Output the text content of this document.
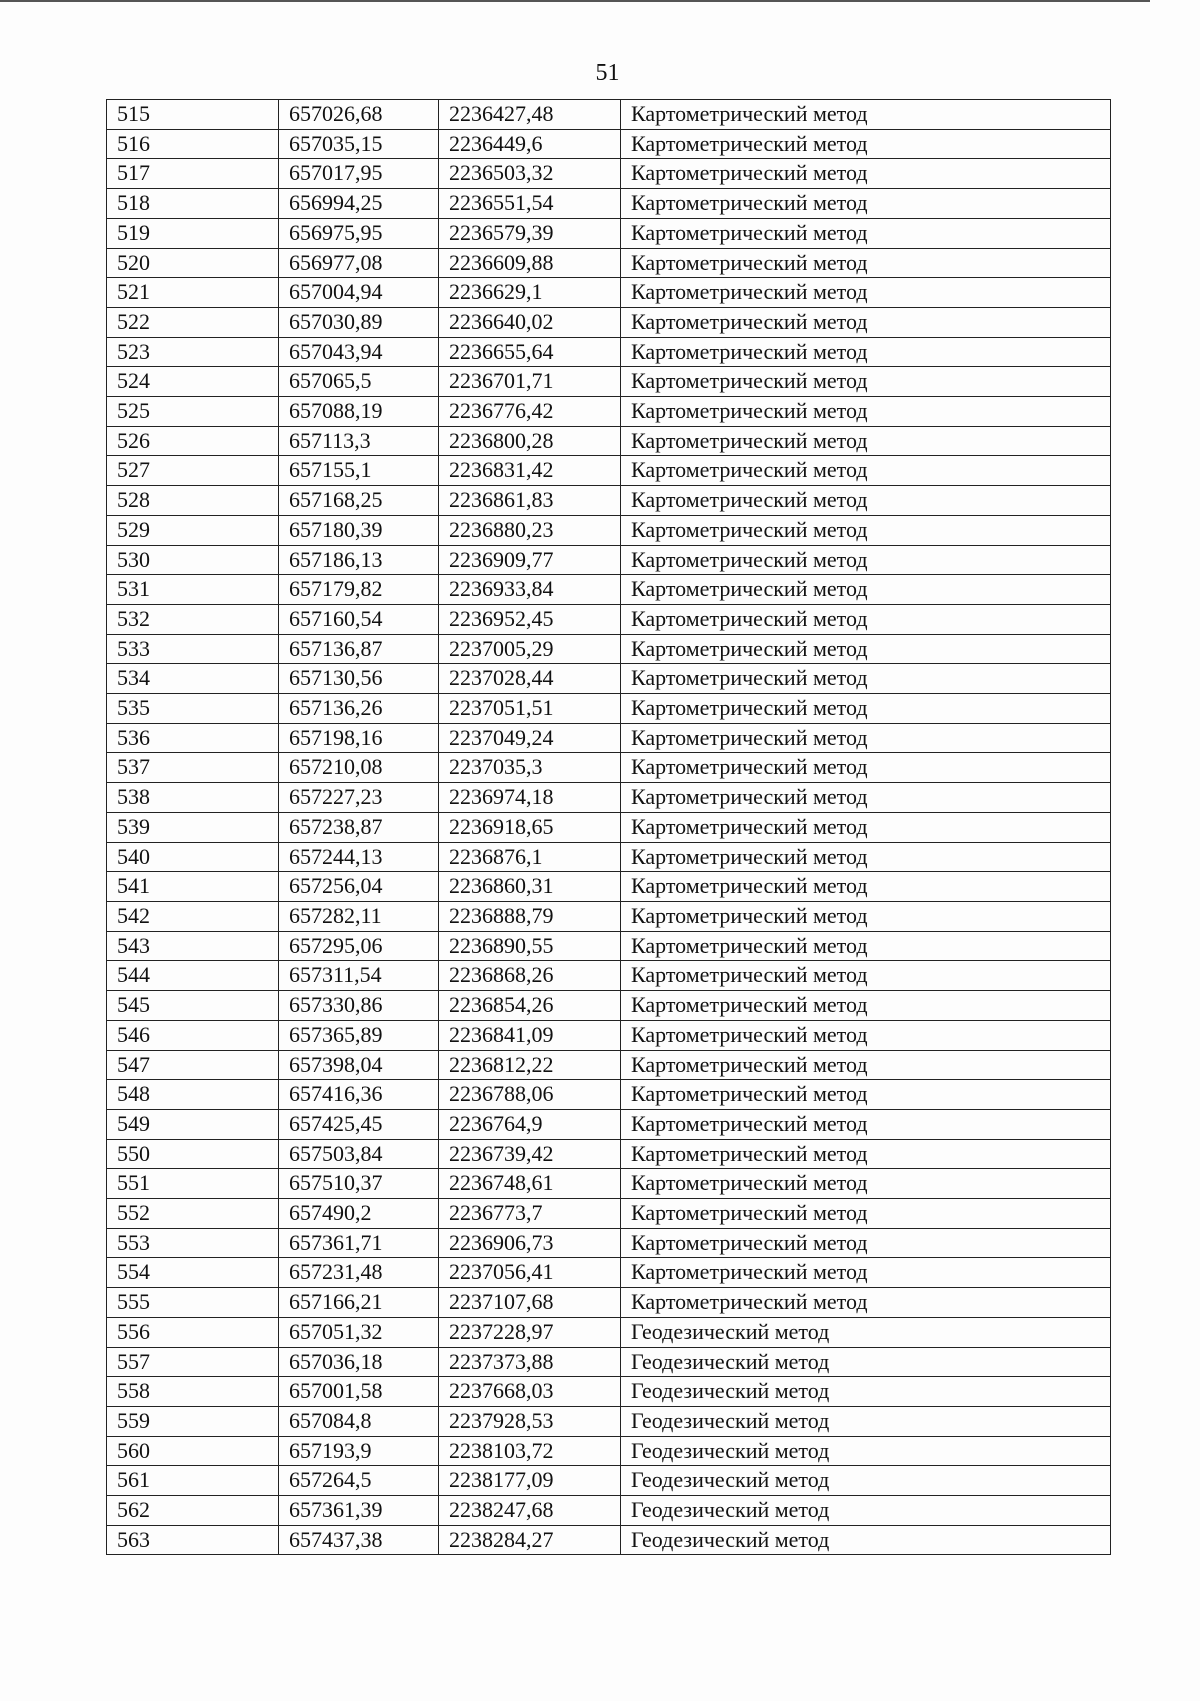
51
515	657026,68	2236427,48	Картометрический метод
516	657035,15	2236449,6	Картометрический метод
517	657017,95	2236503,32	Картометрический метод
518	656994,25	2236551,54	Картометрический метод
519	656975,95	2236579,39	Картометрический метод
520	656977,08	2236609,88	Картометрический метод
521	657004,94	2236629,1	Картометрический метод
522	657030,89	2236640,02	Картометрический метод
523	657043,94	2236655,64	Картометрический метод
524	657065,5	2236701,71	Картометрический метод
525	657088,19	2236776,42	Картометрический метод
526	657113,3	2236800,28	Картометрический метод
527	657155,1	2236831,42	Картометрический метод
528	657168,25	2236861,83	Картометрический метод
529	657180,39	2236880,23	Картометрический метод
530	657186,13	2236909,77	Картометрический метод
531	657179,82	2236933,84	Картометрический метод
532	657160,54	2236952,45	Картометрический метод
533	657136,87	2237005,29	Картометрический метод
534	657130,56	2237028,44	Картометрический метод
535	657136,26	2237051,51	Картометрический метод
536	657198,16	2237049,24	Картометрический метод
537	657210,08	2237035,3	Картометрический метод
538	657227,23	2236974,18	Картометрический метод
539	657238,87	2236918,65	Картометрический метод
540	657244,13	2236876,1	Картометрический метод
541	657256,04	2236860,31	Картометрический метод
542	657282,11	2236888,79	Картометрический метод
543	657295,06	2236890,55	Картометрический метод
544	657311,54	2236868,26	Картометрический метод
545	657330,86	2236854,26	Картометрический метод
546	657365,89	2236841,09	Картометрический метод
547	657398,04	2236812,22	Картометрический метод
548	657416,36	2236788,06	Картометрический метод
549	657425,45	2236764,9	Картометрический метод
550	657503,84	2236739,42	Картометрический метод
551	657510,37	2236748,61	Картометрический метод
552	657490,2	2236773,7	Картометрический метод
553	657361,71	2236906,73	Картометрический метод
554	657231,48	2237056,41	Картометрический метод
555	657166,21	2237107,68	Картометрический метод
556	657051,32	2237228,97	Геодезический метод
557	657036,18	2237373,88	Геодезический метод
558	657001,58	2237668,03	Геодезический метод
559	657084,8	2237928,53	Геодезический метод
560	657193,9	2238103,72	Геодезический метод
561	657264,5	2238177,09	Геодезический метод
562	657361,39	2238247,68	Геодезический метод
563	657437,38	2238284,27	Геодезический метод
